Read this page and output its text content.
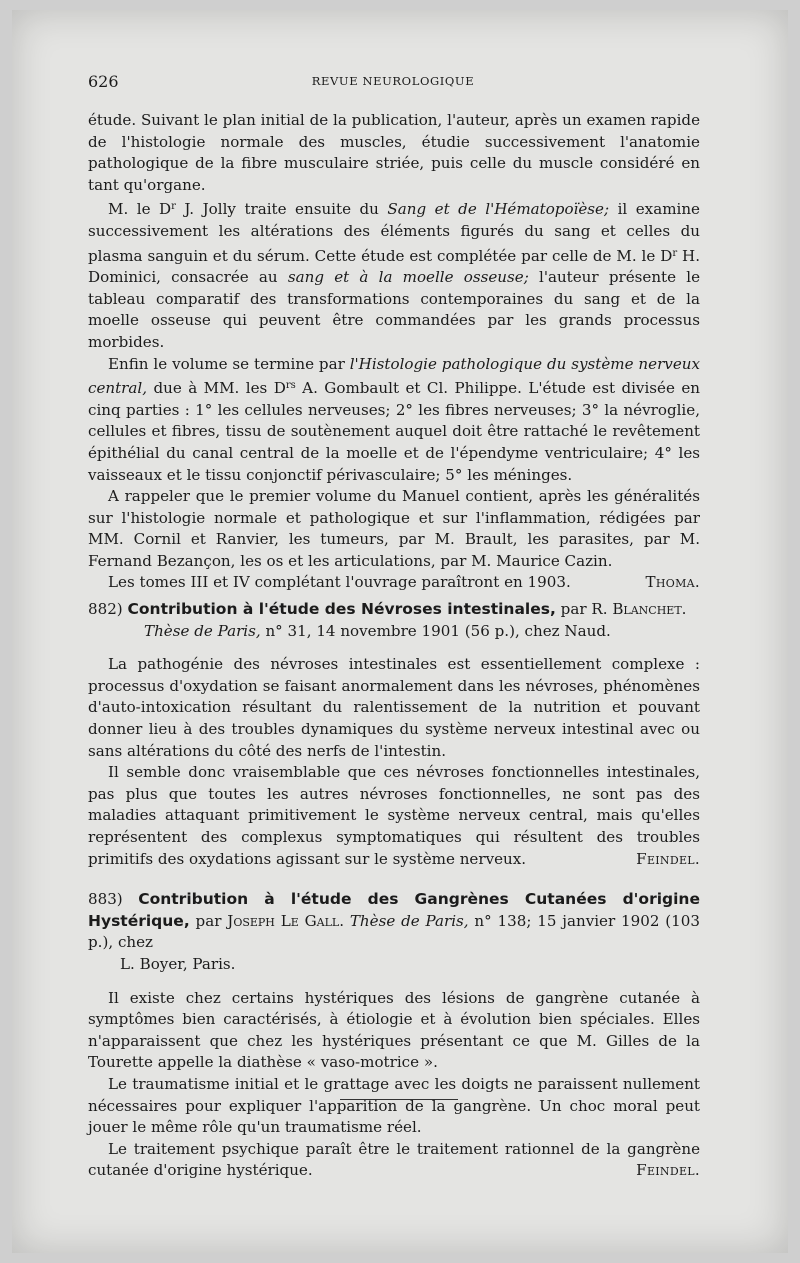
626	REVUE NEUROLOGIQUE

étude. Suivant le plan initial de la publication, l'auteur, après un examen rapide de l'histologie normale des muscles, étudie successivement l'anatomie pathologique de la fibre musculaire striée, puis celle du muscle considéré en tant qu'organe.

M. le $D^r$ J. Jolly traite ensuite du Sang et de l'Hématopoïèse; il examine successivement les altérations des éléments figurés du sang et celles du plasma sanguin et du sérum. Cette étude est complétée par celle de M. le $D^r$ H. Dominici, consacrée au sang et à la moelle osseuse; l'auteur présente le tableau comparatif des transformations contemporaines du sang et de la moelle osseuse qui peuvent être commandées par les grands processus morbides.

Enfin le volume se termine par l'Histologie pathologique du système nerveux central, due à MM. les $D^{rs}$ A. Gombault et Cl. Philippe. L'étude est divisée en cinq parties : 1° les cellules nerveuses; 2° les fibres nerveuses; 3° la névroglie, cellules et fibres, tissu de soutènement auquel doit être rattaché le revêtement épithélial du canal central de la moelle et de l'épendyme ventriculaire; 4° les vaisseaux et le tissu conjonctif périvasculaire; 5° les méninges.

A rappeler que le premier volume du Manuel contient, après les généralités sur l'histologie normale et pathologique et sur l'inflammation, rédigées par MM. Cornil et Ranvier, les tumeurs, par M. Brault, les parasites, par M. Fernand Bezançon, les os et les articulations, par M. Maurice Cazin.

Les tomes III et IV complétant l'ouvrage paraîtront en 1903.	Thoma.

882) Contribution à l'étude des Névroses intestinales, par R. Blanchet.
Thèse de Paris, n° 31, 14 novembre 1901 (56 p.), chez Naud.

La pathogénie des névroses intestinales est essentiellement complexe : processus d'oxydation se faisant anormalement dans les névroses, phénomènes d'auto-intoxication résultant du ralentissement de la nutrition et pouvant donner lieu à des troubles dynamiques du système nerveux intestinal avec ou sans altérations du côté des nerfs de l'intestin.

Il semble donc vraisemblable que ces névroses fonctionnelles intestinales, pas plus que toutes les autres névroses fonctionnelles, ne sont pas des maladies attaquant primitivement le système nerveux central, mais qu'elles représentent des complexus symptomatiques qui résultent des troubles primitifs des oxydations agissant sur le système nerveux.	Feindel.

883) Contribution à l'étude des Gangrènes Cutanées d'origine Hystérique, par Joseph Le Gall. Thèse de Paris, n° 138; 15 janvier 1902 (103 p.), chez
L. Boyer, Paris.

Il existe chez certains hystériques des lésions de gangrène cutanée à symptômes bien caractérisés, à étiologie et à évolution bien spéciales. Elles n'apparaissent que chez les hystériques présentant ce que M. Gilles de la Tourette appelle la diathèse « vaso-motrice ».

Le traumatisme initial et le grattage avec les doigts ne paraissent nullement nécessaires pour expliquer l'apparition de la gangrène. Un choc moral peut jouer le même rôle qu'un traumatisme réel.

Le traitement psychique paraît être le traitement rationnel de la gangrène cutanée d'origine hystérique.	Feindel.
